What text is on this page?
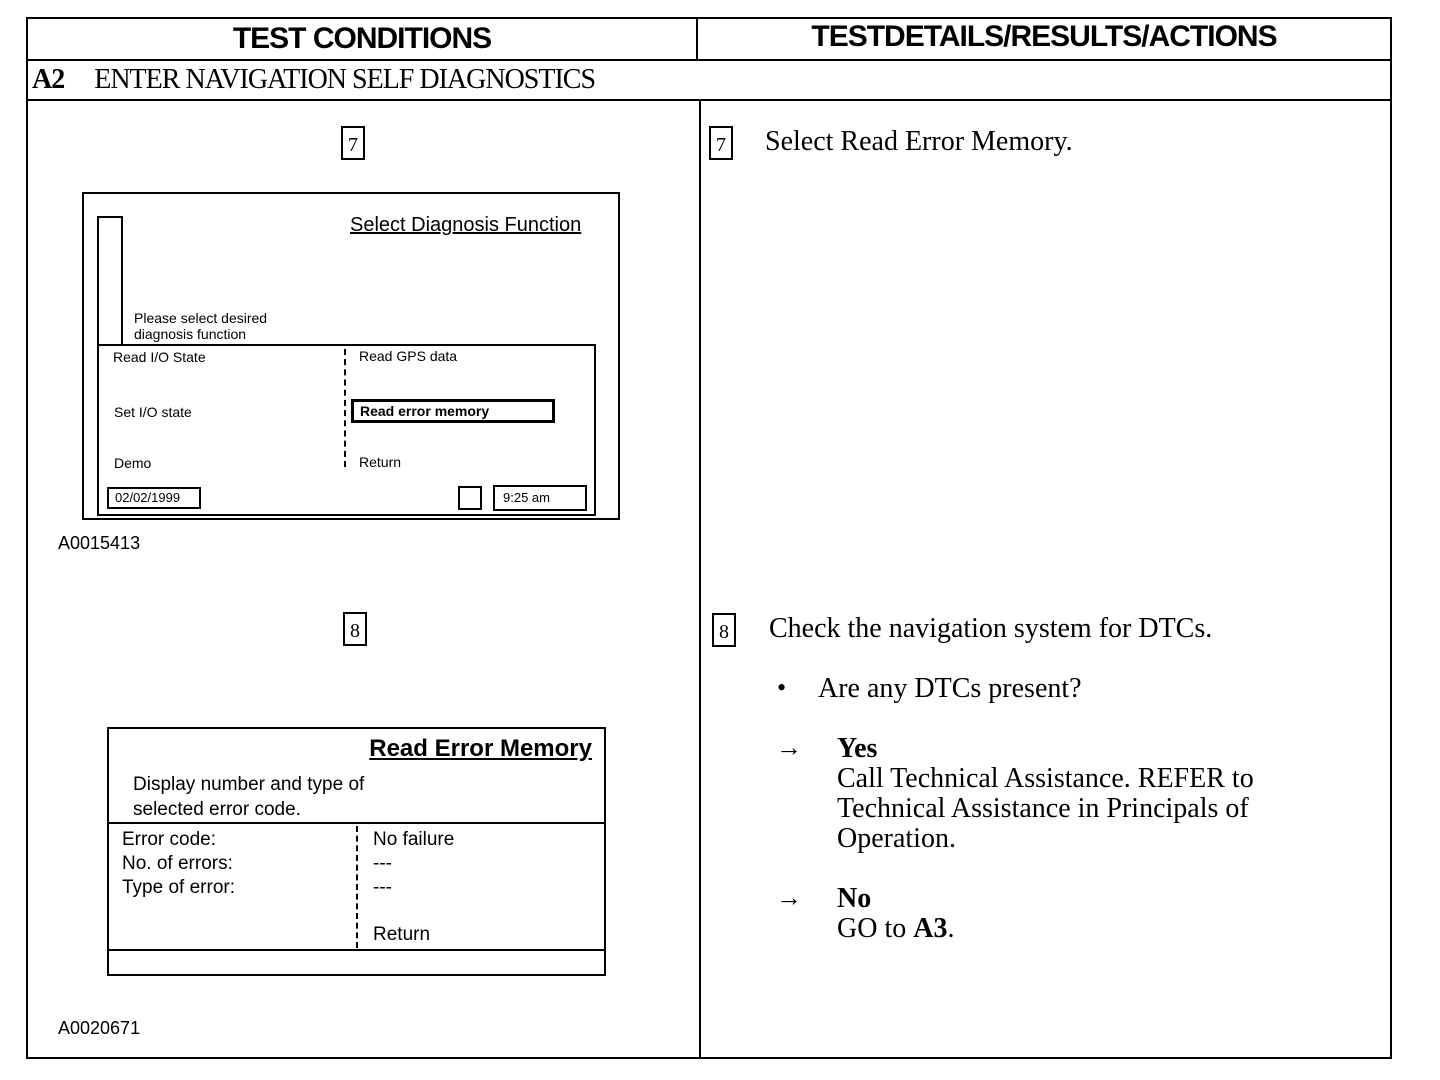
TEST CONDITIONS	TESTDETAILS/RESULTS/ACTIONS
A2 ENTER NAVIGATION SELF DIAGNOSTICS
7
Select Diagnosis Function
Please select desired
diagnosis function
Read I/O State	Read GPS data
Set I/O state	Read error memory
Demo	Return
02/02/1999	9:25 am
A0015413
7 Select Read Error Memory.
8
Read Error Memory
Display number and type of
selected error code.
Error code:	No failure
No. of errors:	---
Type of error:	---
Return
A0020671
8 Check the navigation system for DTCs.
• Are any DTCs present?
→ Yes
Call Technical Assistance. REFER to
Technical Assistance in Principals of
Operation.
→ No
GO to A3.
